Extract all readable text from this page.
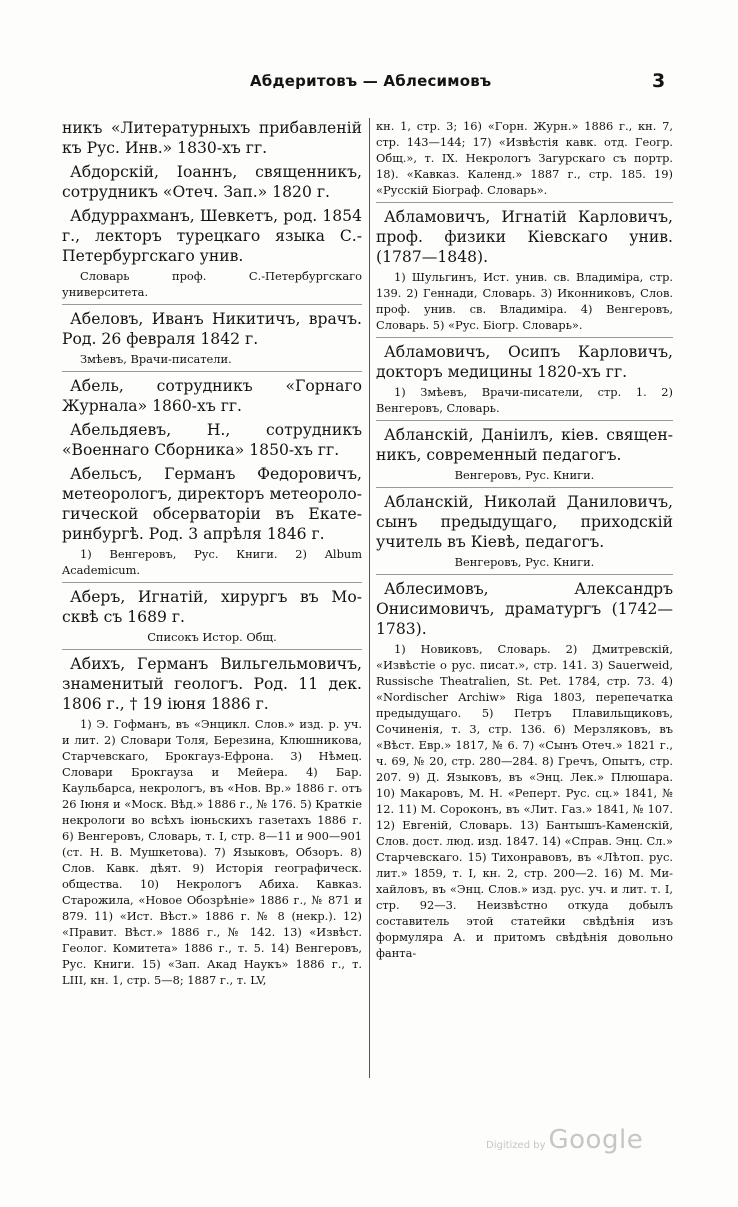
Абдеритовъ — Аблесимовъ	3

никъ «Литературныхъ прибавленій къ Рус. Инв.» 1830-хъ гг.

Абдорскій, Іоаннъ, священникъ, сотрудникъ «Отеч. Зап.» 1820 г.

Абдуррахманъ, Шевкетъ, род. 1854 г., лекторъ турецкаго языка С.-Петербургскаго унив.

Словарь проф. С.-Петербургскаго университета.

Абеловъ, Иванъ Никитичъ, врачъ. Род. 26 февраля 1842 г.

Змѣевъ, Врачи-писатели.

Абель, сотрудникъ «Горнаго Журнала» 1860-хъ гг.

Абельдяевъ, Н., сотрудникъ «Военнаго Сборника» 1850-хъ гг.

Абельсъ, Германъ Федоровичъ, метеорологъ, директоръ метеорологической обсерваторіи въ Екатеринбургѣ. Род. 3 апрѣля 1846 г.

1) Венгеровъ, Рус. Книги. 2) Album Academicum.

Аберъ, Игнатій, хирургъ въ Москвѣ съ 1689 г.

Списокъ Истор. Общ.

Абихъ, Германъ Вильгельмовичъ, знаменитый геологъ. Род. 11 дек. 1806 г., † 19 іюня 1886 г.

1) Э. Гофманъ, въ «Энцикл. Слов.» изд. р. уч. и лит. 2) Словари Толя, Березина, Клюшникова, Старчевскаго, Брокгауз-Ефрона. 3) Нѣмец. Словари Брокгауза и Мейера. 4) Бар. Каульбарса, некрологъ, въ «Нов. Вр.» 1886 г. отъ 26 Іюня и «Моск. Вѣд.» 1886 г., № 176. 5) Краткіе некрологи во всѣхъ іюньскихъ газетахъ 1886 г. 6) Венгеровъ, Словарь, т. I, стр. 8—11 и 900—901 (ст. Н. В. Мушкетова). 7) Языковъ, Обзоръ. 8) Слов. Кавк. дѣят. 9) Исторія географическ. общества. 10) Некрологъ Абиха. Кавказ. Старожила, «Новое Обозрѣніе» 1886 г., № 871 и 879. 11) «Ист. Вѣст.» 1886 г. № 8 (некр.). 12) «Правит. Вѣст.» 1886 г., № 142. 13) «Извѣст. Геолог. Комитета» 1886 г., т. 5. 14) Венгеровъ, Рус. Книги. 15) «Зап. Акад Наукъ» 1886 г., т. LIII, кн. 1, стр. 5—8; 1887 г., т. LV,

кн. 1, стр. 3; 16) «Горн. Журн.» 1886 г., кн. 7, стр. 143—144; 17) «Извѣстія кавк. отд. Геогр. Общ.», т. IX. Некрологъ Загурскаго съ портр. 18). «Кавказ. Календ.» 1887 г., стр. 185. 19) «Русскій Біограф. Словарь».

Абламовичъ, Игнатій Карловичъ, проф. физики Кіевскаго унив. (1787—1848).

1) Шульгинъ, Ист. унив. св. Владиміра, стр. 139. 2) Геннади, Словарь. 3) Иконниковъ, Слов. проф. унив. св. Владиміра. 4) Венгеровъ, Словарь. 5) «Рус. Біогр. Словарь».

Абламовичъ, Осипъ Карловичъ, докторъ медицины 1820-хъ гг.

1) Змѣевъ, Врачи-писатели, стр. 1. 2) Венгеровъ, Словарь.

Абланскій, Даніилъ, кіев. священникъ, современный педагогъ.

Венгеровъ, Рус. Книги.

Абланскій, Николай Даниловичъ, сынъ предыдущаго, приходскій учитель въ Кіевѣ, педагогъ.

Венгеровъ, Рус. Книги.

Аблесимовъ, Александръ Онисимовичъ, драматургъ (1742—1783).

1) Новиковъ, Словарь. 2) Дмитревскій, «Извѣстіе о рус. писат.», стр. 141. 3) Sauerweid, Russische Theatralien, St. Pet. 1784, стр. 73. 4) «Nordischer Archiw» Riga 1803, перепечатка предыдущаго. 5) Петръ Плавильщиковъ, Сочиненія, т. 3, стр. 136. 6) Мерзляковъ, въ «Вѣст. Евр.» 1817, № 6. 7) «Сынъ Отеч.» 1821 г., ч. 69, № 20, стр. 280—284. 8) Гречъ, Опытъ, стр. 207. 9) Д. Языковъ, въ «Энц. Лек.» Плюшара. 10) Макаровъ, М. Н. «Реперт. Рус. сц.» 1841, № 12. 11) М. Сороконъ, въ «Лит. Газ.» 1841, № 107. 12) Евгеній, Словарь. 13) Бантышъ-Каменскій, Слов. дост. люд. изд. 1847. 14) «Справ. Энц. Сл.» Старчевскаго. 15) Тихонравовъ, въ «Лѣтоп. рус. лит.» 1859, т. I, кн. 2, стр. 200—2. 16) М. Михайловъ, въ «Энц. Слов.» изд. рус. уч. и лит. т. I, стр. 92—3. Неизвѣстно откуда добылъ составитель этой статейки свѣдѣнія изъ формуляра А. и притомъ свѣдѣнія довольно фанта-

Digitized by Google
